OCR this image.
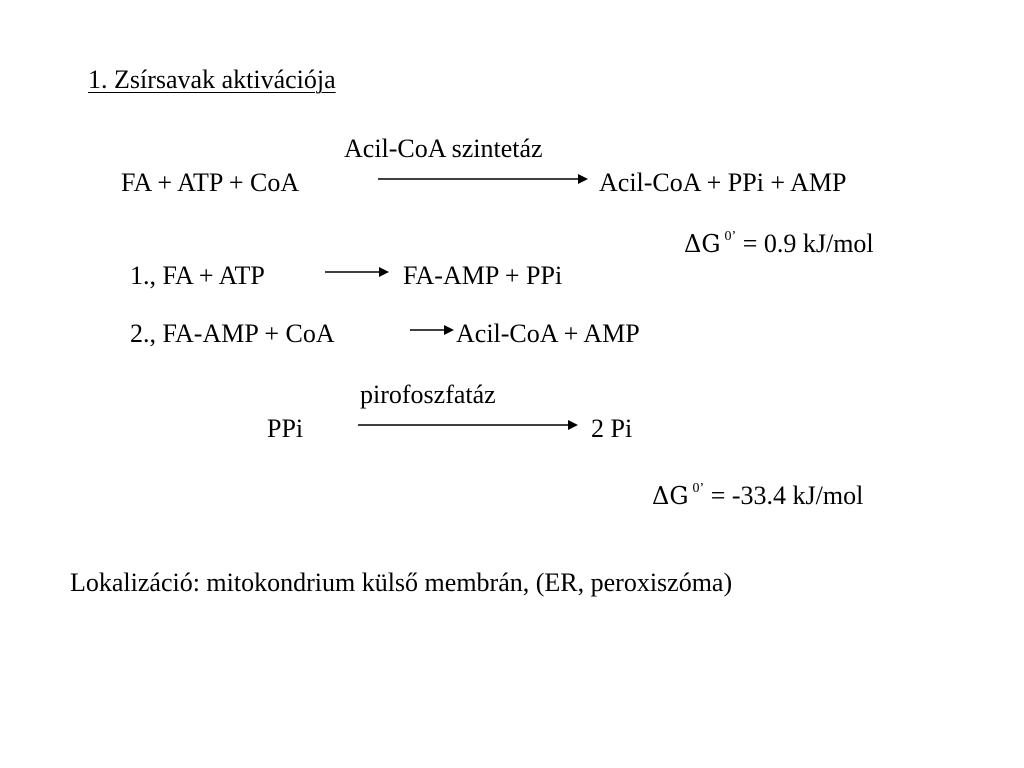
1. Zsírsavak aktivációja
Acil-CoA szintetáz
FA + ATP + CoA	Acil-CoA + PPi + AMP
ΔG $^{0’}$ = 0.9 kJ/mol
1., FA + ATP	FA-AMP + PPi
2., FA-AMP + CoA	Acil-CoA + AMP
pirofoszfatáz
PPi	2 Pi
ΔG $^{0’}$ = -33.4 kJ/mol
Lokalizáció: mitokondrium külső membrán, (ER, peroxiszóma)
